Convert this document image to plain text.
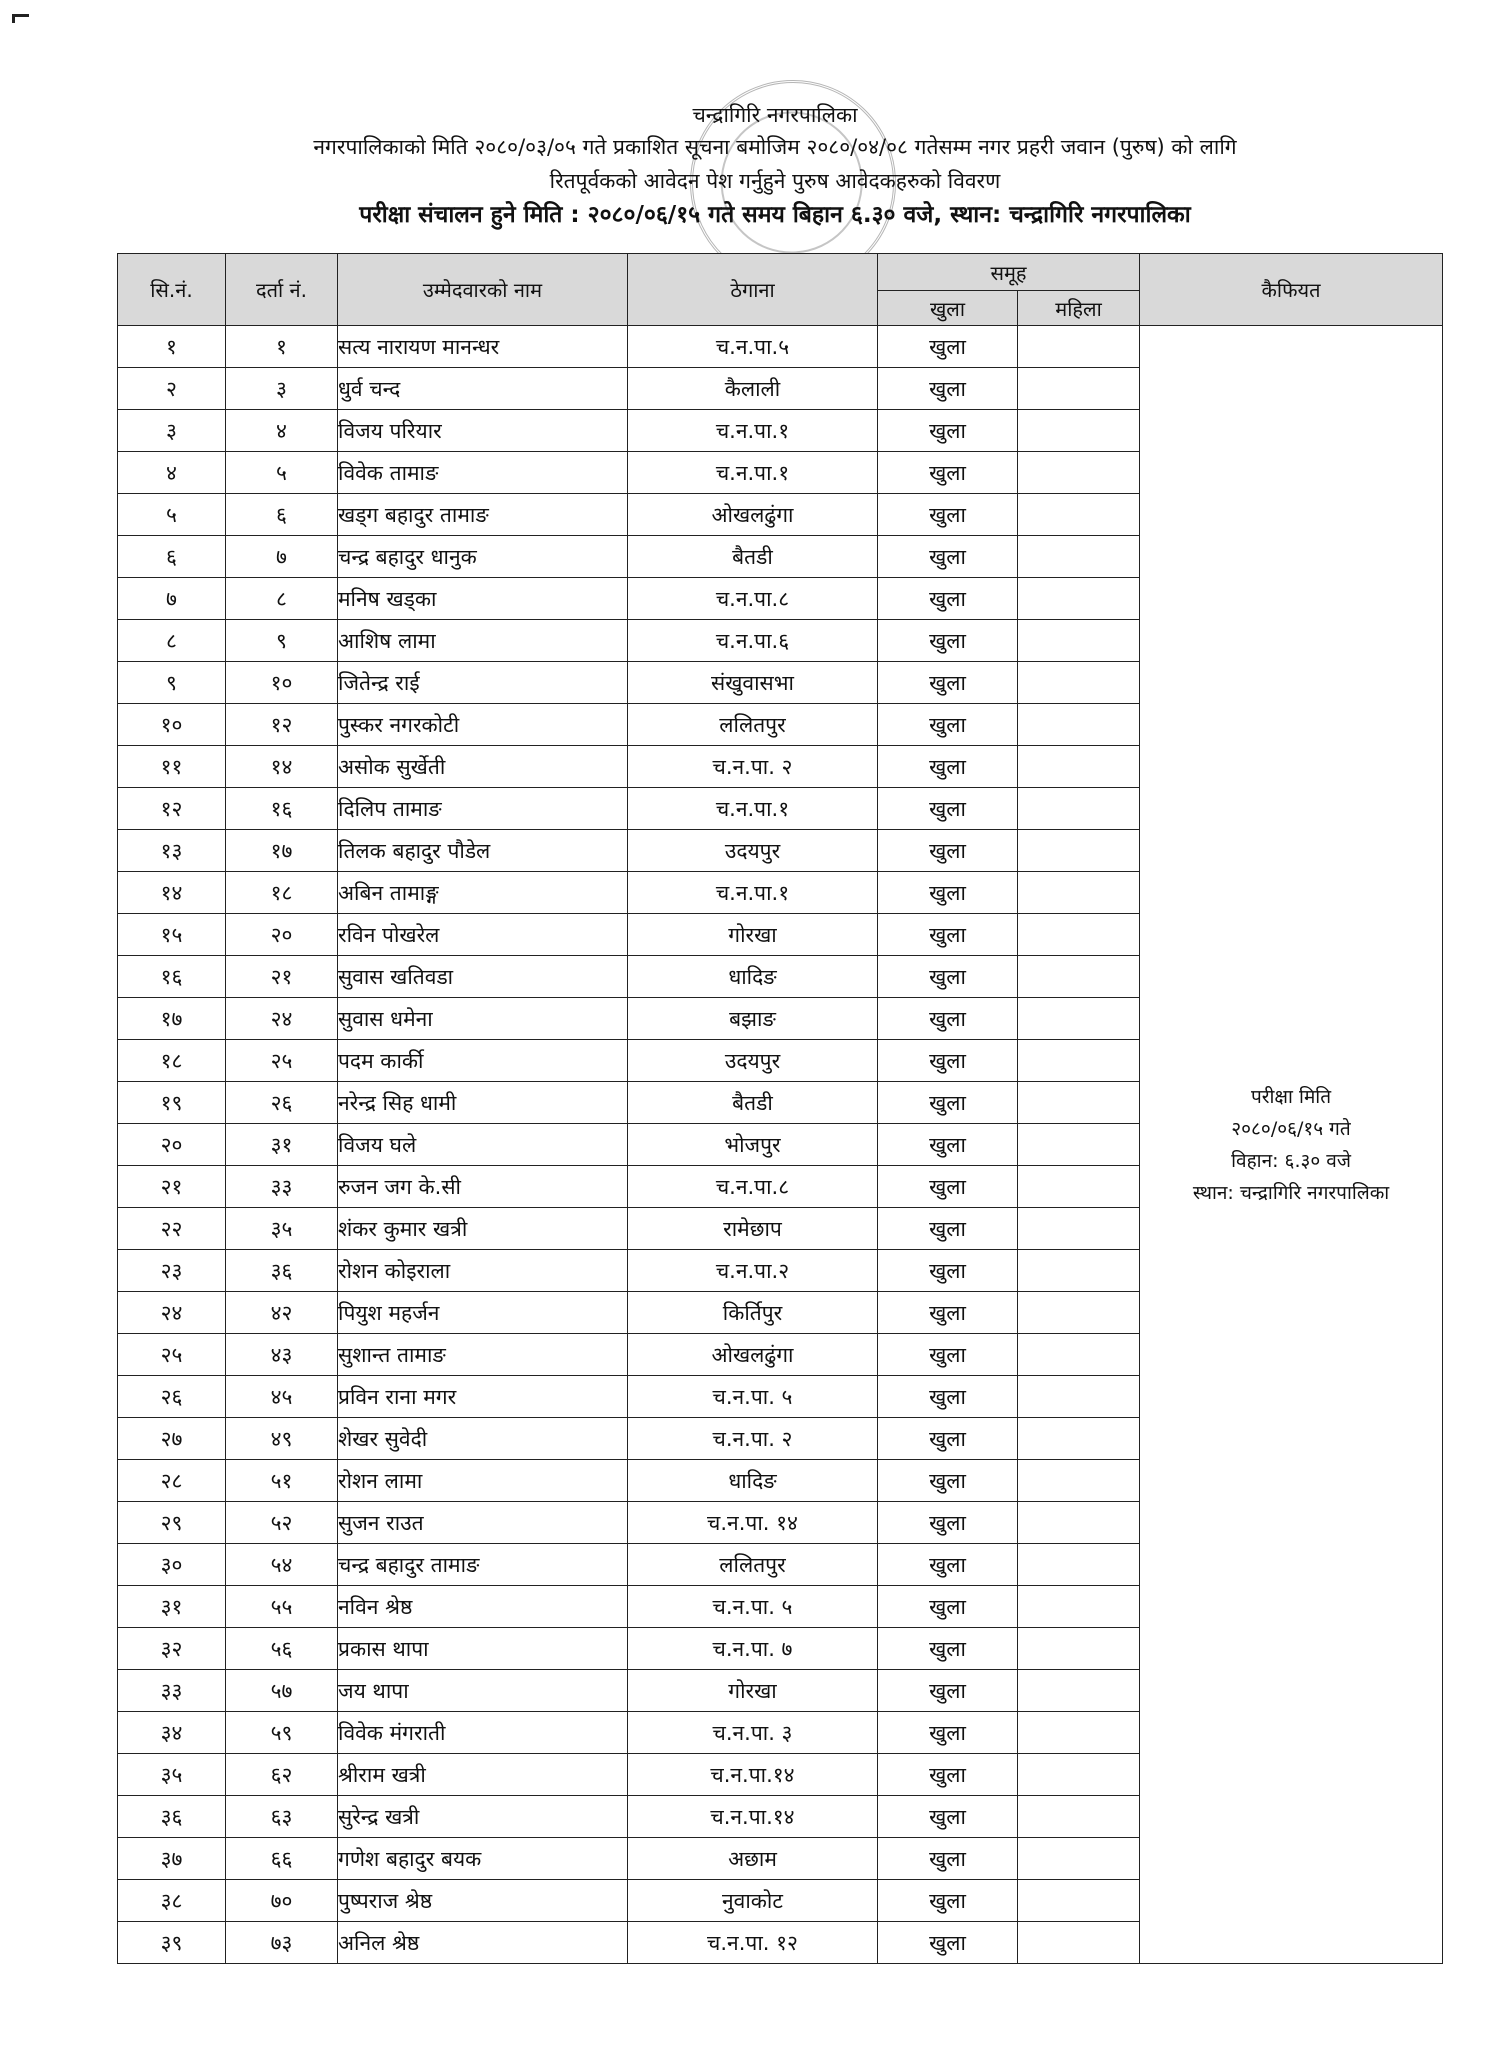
चन्द्रागिरि नगरपालिका
नगरपालिकाको मिति २०८०/०३/०५ गते प्रकाशित सूचना बमोजिम २०८०/०४/०८ गतेसम्म नगर प्रहरी जवान (पुरुष) को लागि
रितपूर्वकको आवेदन पेश गर्नुहुने पुरुष आवेदकहरुको विवरण
परीक्षा संचालन हुने मिति : २०८०/०६/१५ गते समय बिहान ६.३० वजे, स्थान: चन्द्रागिरि नगरपालिका
सि.नं.	दर्ता नं.	उम्मेदवारको नाम	ठेगाना	समूह		कैफियत
				खुला	महिला	
१	१	सत्य नारायण मानन्धर	च.न.पा.५	खुला		परीक्षा मिति
२०८०/०६/१५ गते
विहान: ६.३० वजे
स्थान: चन्द्रागिरि नगरपालिका

२	३	धुर्व चन्द	कैलाली	खुला		
३	४	विजय परियार	च.न.पा.१	खुला		
४	५	विवेक तामाङ	च.न.पा.१	खुला		
५	६	खड्ग बहादुर तामाङ	ओखलढुंगा	खुला		
६	७	चन्द्र बहादुर धानुक	बैतडी	खुला		
७	८	मनिष खड्का	च.न.पा.८	खुला		
८	९	आशिष लामा	च.न.पा.६	खुला		
९	१०	जितेन्द्र राई	संखुवासभा	खुला		
१०	१२	पुस्कर नगरकोटी	ललितपुर	खुला		
११	१४	असोक सुर्खेती	च.न.पा. २	खुला		
१२	१६	दिलिप तामाङ	च.न.पा.१	खुला		
१३	१७	तिलक बहादुर पौडेल	उदयपुर	खुला		
१४	१८	अबिन तामाङ्ग	च.न.पा.१	खुला		
१५	२०	रविन पोखरेल	गोरखा	खुला		
१६	२१	सुवास खतिवडा	धादिङ	खुला		
१७	२४	सुवास धमेना	बझाङ	खुला		
१८	२५	पदम कार्की	उदयपुर	खुला		
१९	२६	नरेन्द्र सिह धामी	बैतडी	खुला		
२०	३१	विजय घले	भोजपुर	खुला		
२१	३३	रुजन जग के.सी	च.न.पा.८	खुला		
२२	३५	शंकर कुमार खत्री	रामेछाप	खुला		
२३	३६	रोशन कोइराला	च.न.पा.२	खुला		
२४	४२	पियुश महर्जन	किर्तिपुर	खुला		
२५	४३	सुशान्त तामाङ	ओखलढुंगा	खुला		
२६	४५	प्रविन राना मगर	च.न.पा. ५	खुला		
२७	४९	शेखर सुवेदी	च.न.पा. २	खुला		
२८	५१	रोशन लामा	धादिङ	खुला		
२९	५२	सुजन राउत	च.न.पा. १४	खुला		
३०	५४	चन्द्र बहादुर तामाङ	ललितपुर	खुला		
३१	५५	नविन श्रेष्ठ	च.न.पा. ५	खुला		
३२	५६	प्रकास थापा	च.न.पा. ७	खुला		
३३	५७	जय थापा	गोरखा	खुला		
३४	५९	विवेक मंगराती	च.न.पा. ३	खुला		
३५	६२	श्रीराम खत्री	च.न.पा.१४	खुला		
३६	६३	सुरेन्द्र खत्री	च.न.पा.१४	खुला		
३७	६६	गणेश बहादुर बयक	अछाम	खुला		
३८	७०	पुष्पराज श्रेष्ठ	नुवाकोट	खुला		
३९	७३	अनिल श्रेष्ठ	च.न.पा. १२	खुला		
